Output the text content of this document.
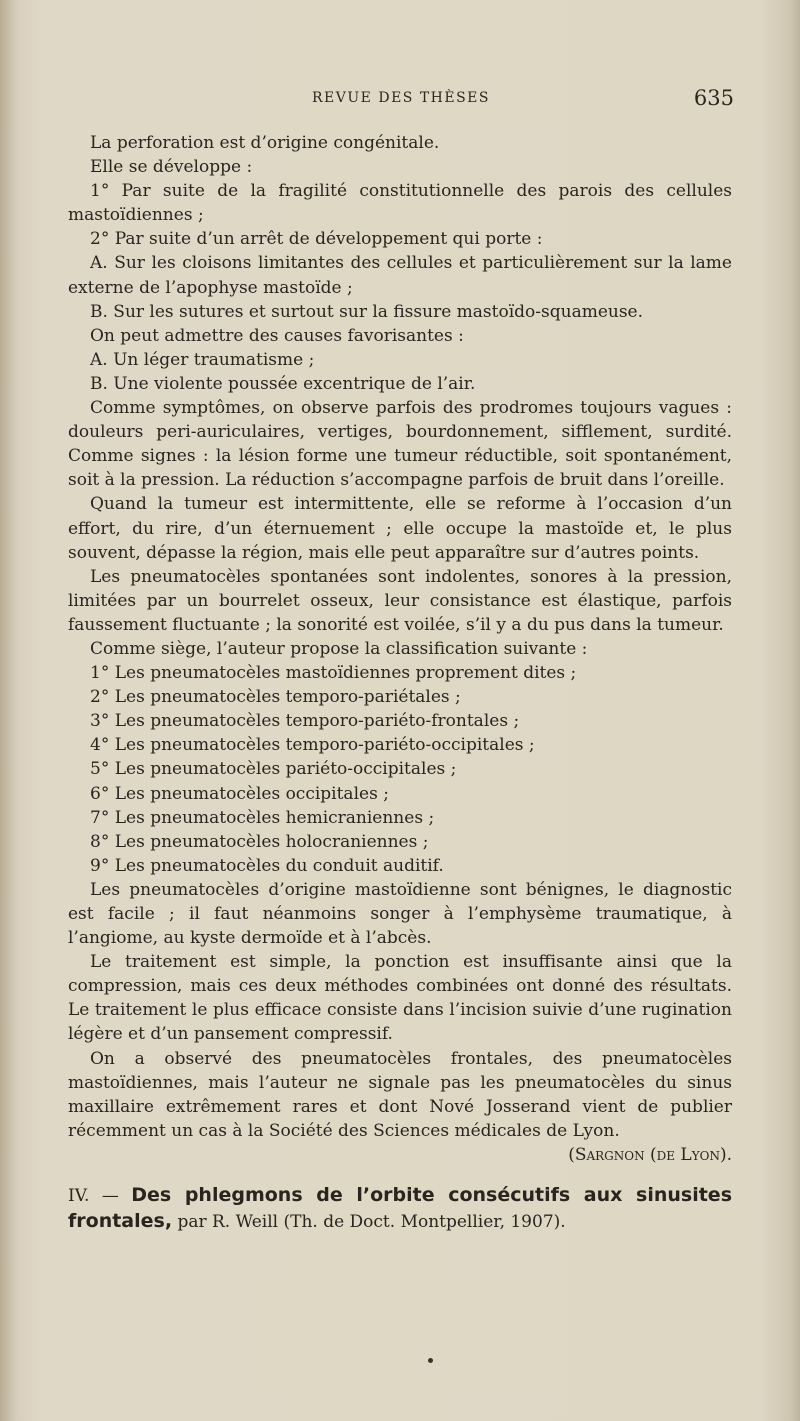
REVUE DES THÈSES	635

La perforation est d’origine congénitale.

Elle se développe :

1° Par suite de la fragilité constitutionnelle des parois des cellules mastoïdiennes ;

2° Par suite d’un arrêt de développement qui porte :

A. Sur les cloisons limitantes des cellules et particulièrement sur la lame externe de l’apophyse mastoïde ;

B. Sur les sutures et surtout sur la fissure mastoïdo-squameuse.

On peut admettre des causes favorisantes :

A. Un léger traumatisme ;

B. Une violente poussée excentrique de l’air.

Comme symptômes, on observe parfois des prodromes toujours vagues : douleurs peri-auriculaires, vertiges, bourdonnement, sifflement, surdité. Comme signes : la lésion forme une tumeur réductible, soit spontanément, soit à la pression. La réduction s’accompagne parfois de bruit dans l’oreille.

Quand la tumeur est intermittente, elle se reforme à l’occasion d’un effort, du rire, d’un éternuement ; elle occupe la mastoïde et, le plus souvent, dépasse la région, mais elle peut apparaître sur d’autres points.

Les pneumatocèles spontanées sont indolentes, sonores à la pression, limitées par un bourrelet osseux, leur consistance est élastique, parfois faussement fluctuante ; la sonorité est voilée, s’il y a du pus dans la tumeur.

Comme siège, l’auteur propose la classification suivante :

1° Les pneumatocèles mastoïdiennes proprement dites ;

2° Les pneumatocèles temporo-pariétales ;

3° Les pneumatocèles temporo-pariéto-frontales ;

4° Les pneumatocèles temporo-pariéto-occipitales ;

5° Les pneumatocèles pariéto-occipitales ;

6° Les pneumatocèles occipitales ;

7° Les pneumatocèles hemicraniennes ;

8° Les pneumatocèles holocraniennes ;

9° Les pneumatocèles du conduit auditif.

Les pneumatocèles d’origine mastoïdienne sont bénignes, le diagnostic est facile ; il faut néanmoins songer à l’emphysème traumatique, à l’angiome, au kyste dermoïde et à l’abcès.

Le traitement est simple, la ponction est insuffisante ainsi que la compression, mais ces deux méthodes combinées ont donné des résultats. Le traitement le plus efficace consiste dans l’incision suivie d’une rugination légère et d’un pansement compressif.

On a observé des pneumatocèles frontales, des pneumatocèles mastoïdiennes, mais l’auteur ne signale pas les pneumatocèles du sinus maxillaire extrêmement rares et dont Nové Josserand vient de publier récemment un cas à la Société des Sciences médicales de Lyon.

(Sargnon (de Lyon).

IV. — Des phlegmons de l’orbite consécutifs aux sinusites frontales, par R. Weill (Th. de Doct. Montpellier, 1907).
